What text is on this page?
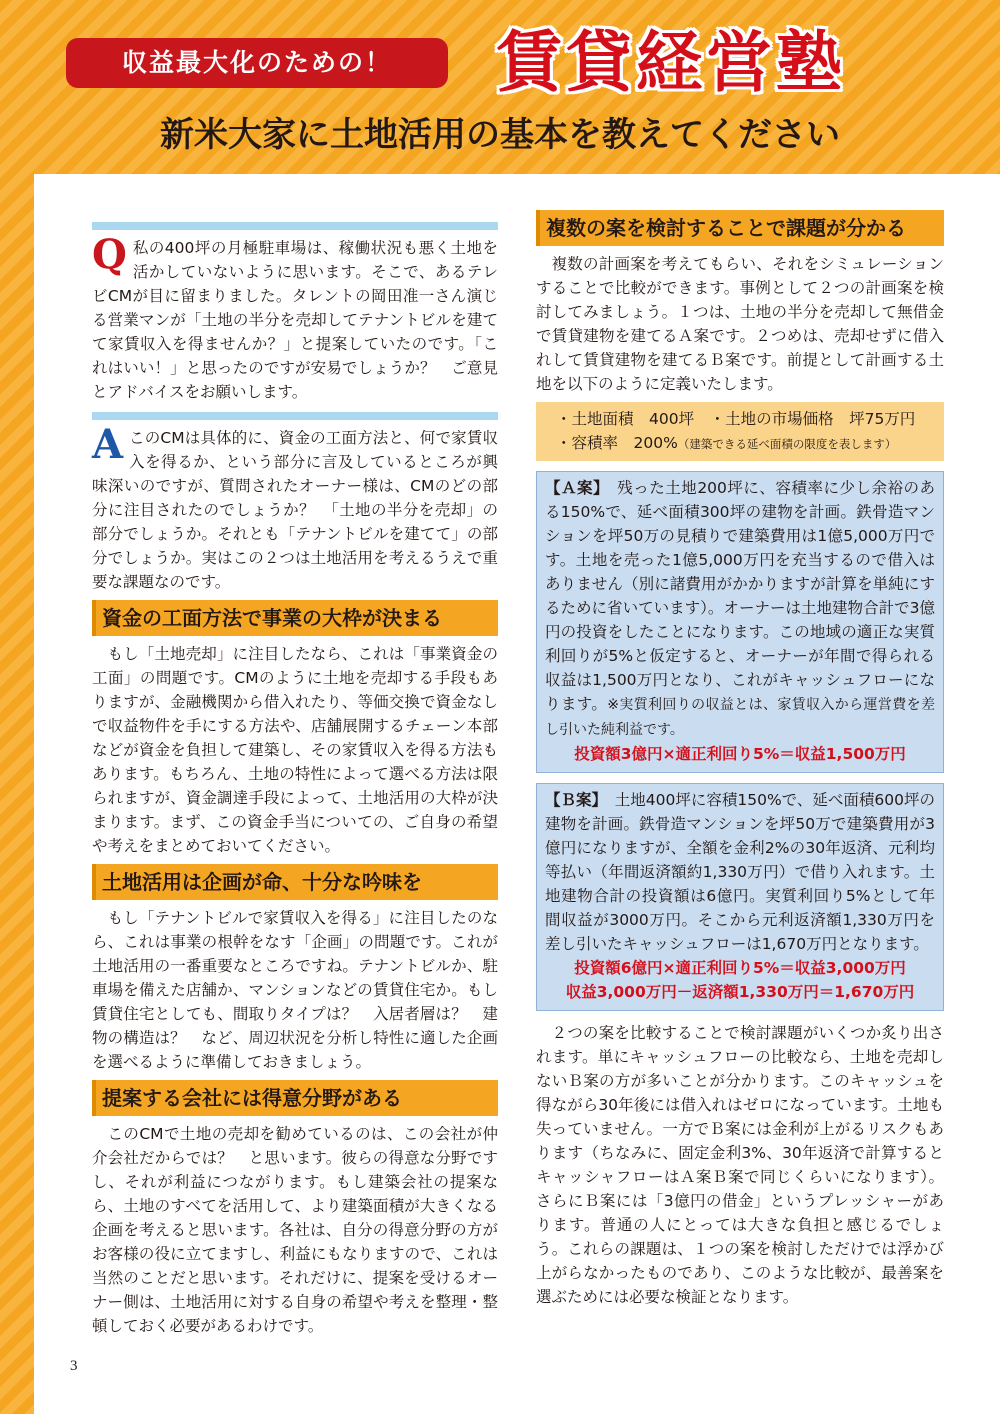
収益最大化のための！	賃貸経営塾
新米大家に土地活用の基本を教えてください
Q 私の400坪の月極駐車場は、稼働状況も悪く土地を活かしていないように思います。そこで、あるテレビCMが目に留まりました。タレントの岡田准一さん演じる営業マンが「土地の半分を売却してテナントビルを建てて家賃収入を得ませんか？」と提案していたのです。「これはいい！」と思ったのですが安易でしょうか？　ご意見とアドバイスをお願いします。

A このCMは具体的に、資金の工面方法と、何で家賃収入を得るか、という部分に言及しているところが興味深いのですが、質問されたオーナー様は、CMのどの部分に注目されたのでしょうか？　「土地の半分を売却」の部分でしょうか。それとも「テナントビルを建てて」の部分でしょうか。実はこの２つは土地活用を考えるうえで重要な課題なのです。

資金の工面方法で事業の大枠が決まる

もし「土地売却」に注目したなら、これは「事業資金の工面」の問題です。CMのように土地を売却する手段もありますが、金融機関から借入れたり、等価交換で資金なしで収益物件を手にする方法や、店舗展開するチェーン本部などが資金を負担して建築し、その家賃収入を得る方法もあります。もちろん、土地の特性によって選べる方法は限られますが、資金調達手段によって、土地活用の大枠が決まります。まず、この資金手当についての、ご自身の希望や考えをまとめておいてください。

土地活用は企画が命、十分な吟味を

もし「テナントビルで家賃収入を得る」に注目したのなら、これは事業の根幹をなす「企画」の問題です。これが土地活用の一番重要なところですね。テナントビルか、駐車場を備えた店舗か、マンションなどの賃貸住宅か。もし賃貸住宅としても、間取りタイプは？　入居者層は？　建物の構造は？　など、周辺状況を分析し特性に適した企画を選べるように準備しておきましょう。

提案する会社には得意分野がある

このCMで土地の売却を勧めているのは、この会社が仲介会社だからでは？　と思います。彼らの得意な分野ですし、それが利益につながります。もし建築会社の提案なら、土地のすべてを活用して、より建築面積が大きくなる企画を考えると思います。各社は、自分の得意分野の方がお客様の役に立てますし、利益にもなりますので、これは当然のことだと思います。それだけに、提案を受けるオーナー側は、土地活用に対する自身の希望や考えを整理・整頓しておく必要があるわけです。

複数の案を検討することで課題が分かる

複数の計画案を考えてもらい、それをシミュレーションすることで比較ができます。事例として２つの計画案を検討してみましょう。１つは、土地の半分を売却して無借金で賃貸建物を建てるＡ案です。２つめは、売却せずに借入れして賃貸建物を建てるＢ案です。前提として計画する土地を以下のように定義いたします。

・土地面積　400坪　・土地の市場価格　坪75万円
・容積率　200%（建築できる延べ面積の限度を表します）

【Ａ案】　残った土地200坪に、容積率に少し余裕のある150%で、延べ面積300坪の建物を計画。鉄骨造マンションを坪50万の見積りで建築費用は1億5,000万円です。土地を売った1億5,000万円を充当するので借入はありません（別に諸費用がかかりますが計算を単純にするために省いています）。オーナーは土地建物合計で3億円の投資をしたことになります。この地域の適正な実質利回りが5%と仮定すると、オーナーが年間で得られる収益は1,500万円となり、これがキャッシュフローになります。※実質利回りの収益とは、家賃収入から運営費を差し引いた純利益です。

投資額3億円×適正利回り5%＝収益1,500万円

【Ｂ案】　土地400坪に容積150%で、延べ面積600坪の建物を計画。鉄骨造マンションを坪50万で建築費用が3億円になりますが、全額を金利2%の30年返済、元利均等払い（年間返済額約1,330万円）で借り入れます。土地建物合計の投資額は6億円。実質利回り5%として年間収益が3000万円。そこから元利返済額1,330万円を差し引いたキャッシュフローは1,670万円となります。

投資額6億円×適正利回り5%＝収益3,000万円
収益3,000万円－返済額1,330万円＝1,670万円

２つの案を比較することで検討課題がいくつか炙り出されます。単にキャッシュフローの比較なら、土地を売却しないＢ案の方が多いことが分かります。このキャッシュを得ながら30年後には借入れはゼロになっています。土地も失っていません。一方でＢ案には金利が上がるリスクもあります（ちなみに、固定金利3%、30年返済で計算するとキャッシャフローはＡ案Ｂ案で同じくらいになります）。さらにＢ案には「3億円の借金」というプレッシャーがあります。普通の人にとっては大きな負担と感じるでしょう。これらの課題は、１つの案を検討しただけでは浮かび上がらなかったものであり、このような比較が、最善案を選ぶためには必要な検証となります。

3
